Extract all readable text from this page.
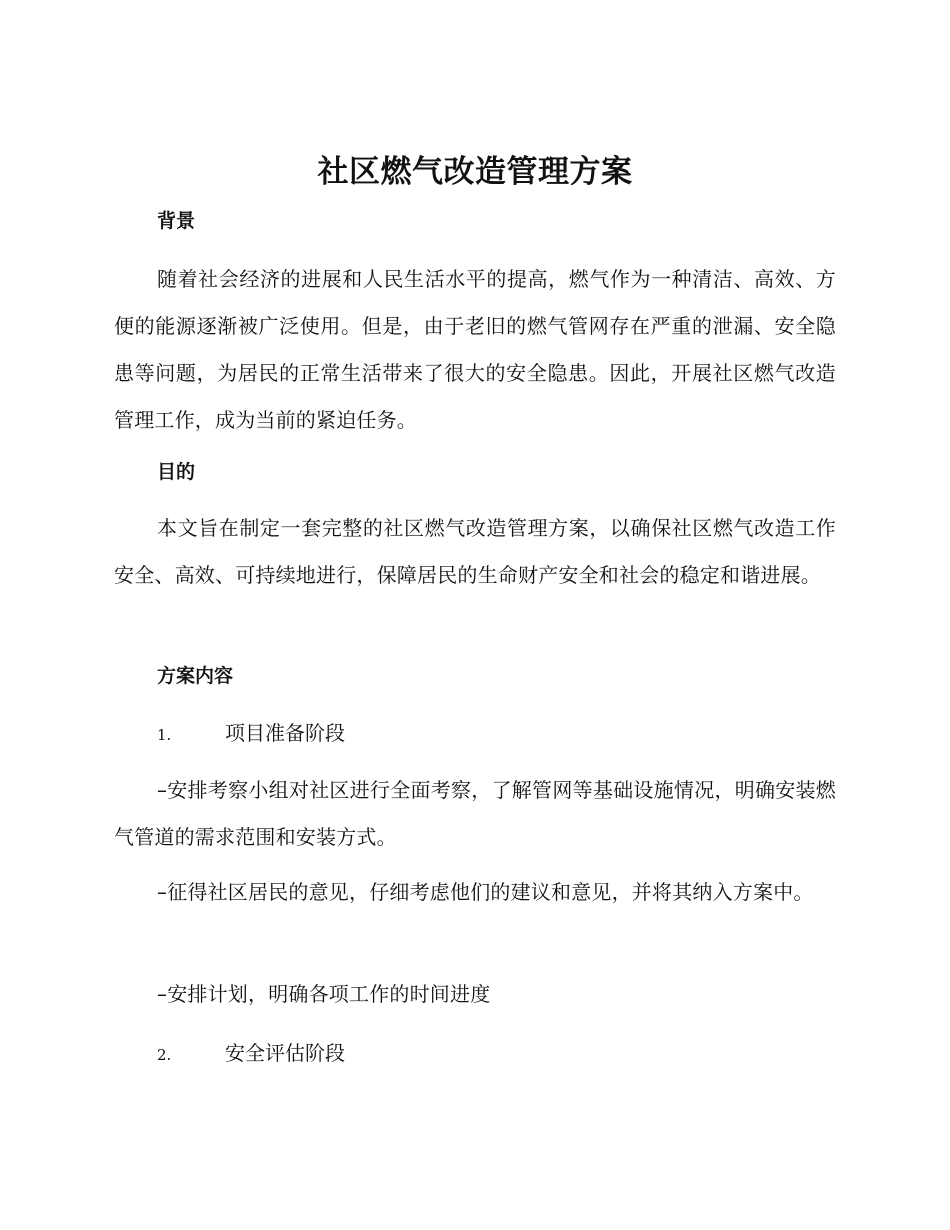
社区燃气改造管理方案
背景
随着社会经济的进展和人民生活水平的提高，燃气作为一种清洁、高效、方便的能源逐渐被广泛使用。但是，由于老旧的燃气管网存在严重的泄漏、安全隐患等问题，为居民的正常生活带来了很大的安全隐患。因此，开展社区燃气改造管理工作，成为当前的紧迫任务。
目的
本文旨在制定一套完整的社区燃气改造管理方案，以确保社区燃气改造工作安全、高效、可持续地进行，保障居民的生命财产安全和社会的稳定和谐进展。
方案内容
1.	项目准备阶段
–安排考察小组对社区进行全面考察，了解管网等基础设施情况，明确安装燃气管道的需求范围和安装方式。
–征得社区居民的意见，仔细考虑他们的建议和意见，并将其纳入方案中。
–安排计划，明确各项工作的时间进度
2.	安全评估阶段
